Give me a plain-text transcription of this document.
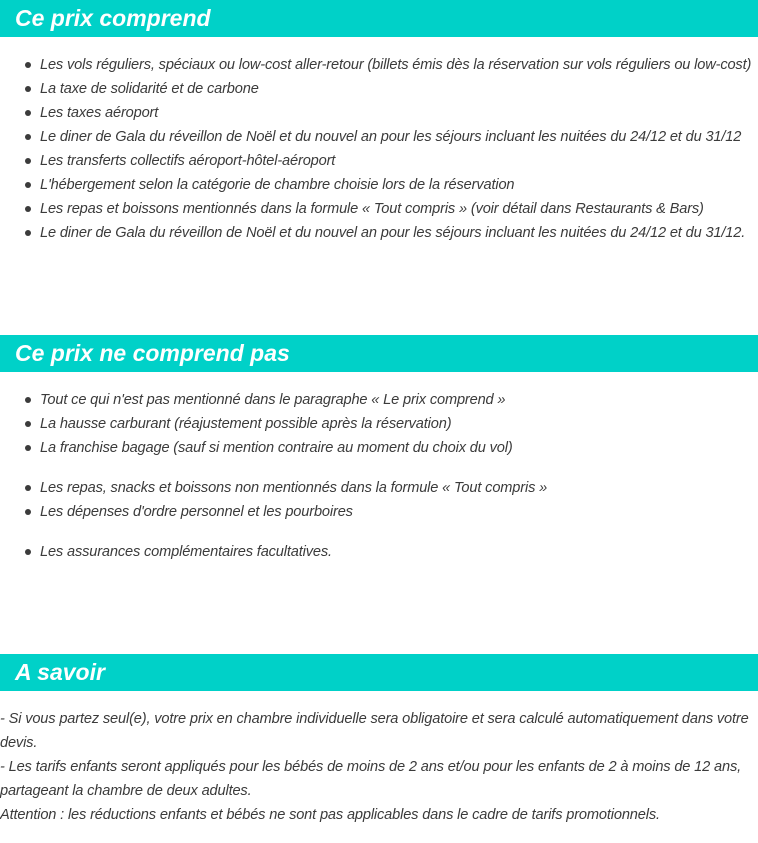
Ce prix comprend
Les vols réguliers, spéciaux ou low-cost aller-retour (billets émis dès la réservation sur vols réguliers ou low-cost)
La taxe de solidarité et de carbone
Les taxes aéroport
Le diner de Gala du réveillon de Noël et du nouvel an pour les séjours incluant les nuitées du 24/12 et du 31/12
Les transferts collectifs aéroport-hôtel-aéroport
L'hébergement selon la catégorie de chambre choisie lors de la réservation
Les repas et boissons mentionnés dans la formule « Tout compris » (voir détail dans Restaurants & Bars)
Le diner de Gala du réveillon de Noël et du nouvel an pour les séjours incluant les nuitées du 24/12 et du 31/12.
Ce prix ne comprend pas
Tout ce qui n'est pas mentionné dans le paragraphe « Le prix comprend »
La hausse carburant (réajustement possible après la réservation)
La franchise bagage (sauf si mention contraire au moment du choix du vol)
Les repas, snacks et boissons non mentionnés dans la formule « Tout compris »
Les dépenses d'ordre personnel et les pourboires
Les assurances complémentaires facultatives.
A savoir

- Si vous partez seul(e), votre prix en chambre individuelle sera obligatoire et sera calculé automatiquement dans votre devis.

- Les tarifs enfants seront appliqués pour les bébés de moins de 2 ans et/ou pour les enfants de 2 à moins de 12 ans, partageant la chambre de deux adultes.

Attention : les réductions enfants et bébés ne sont pas applicables dans le cadre de tarifs promotionnels.
